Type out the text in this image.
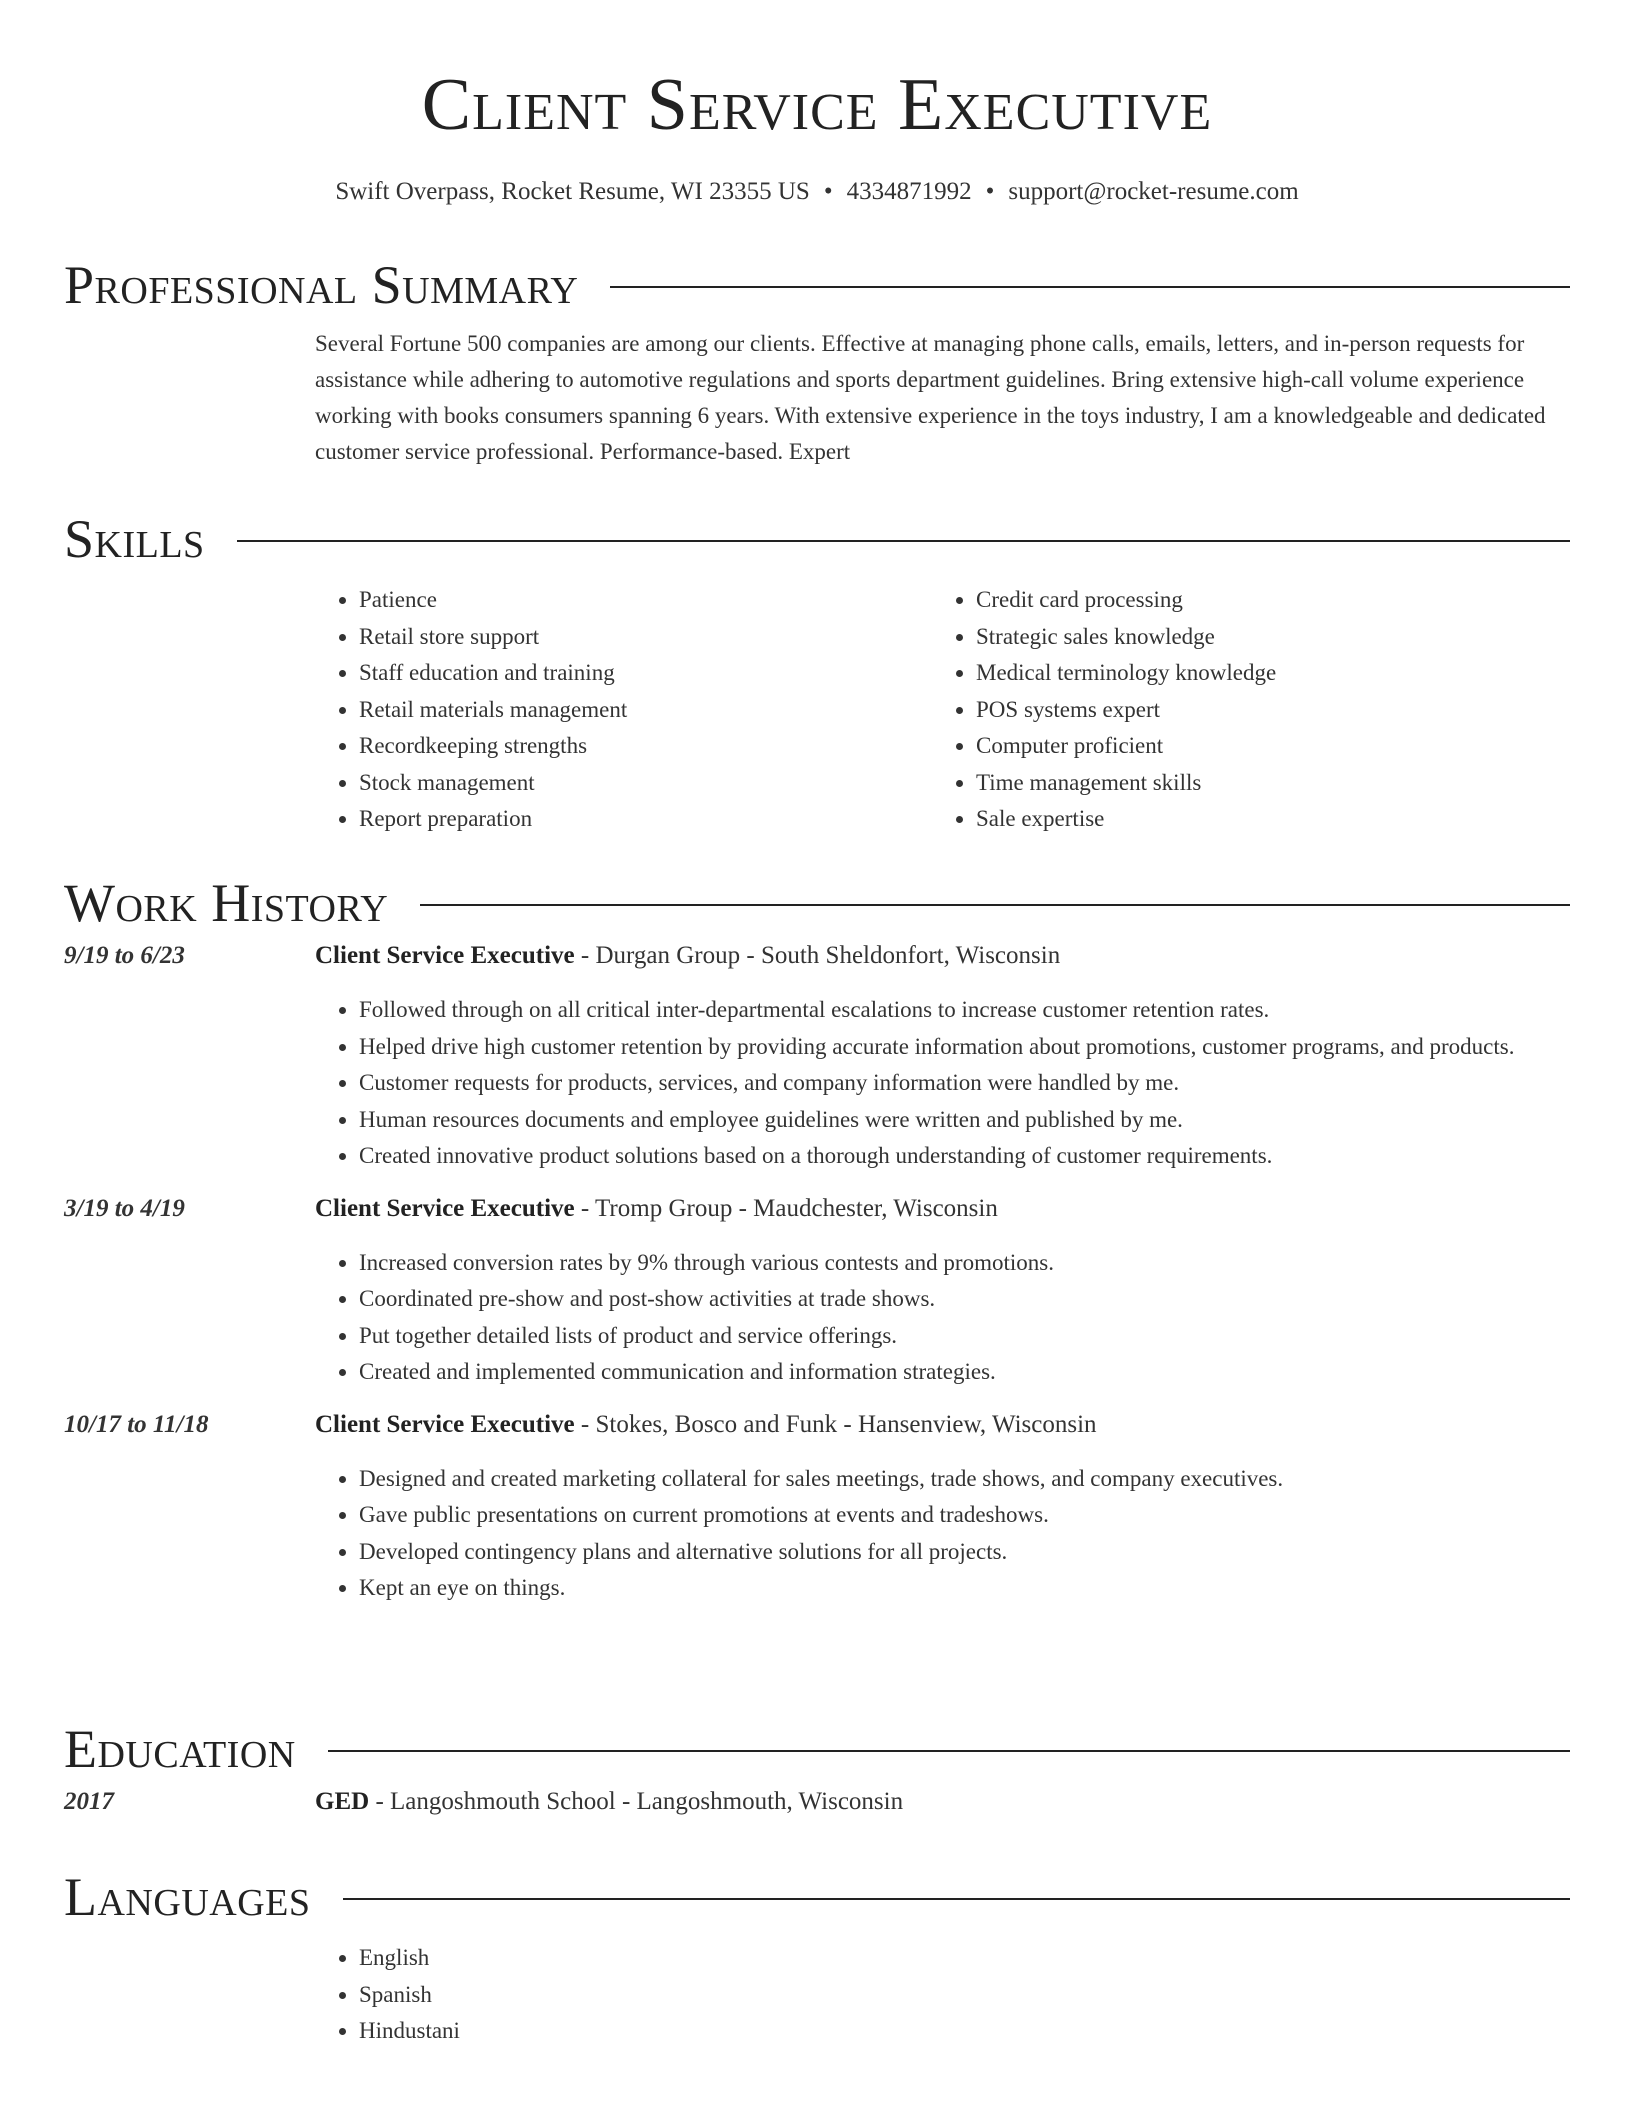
Client Service Executive
Swift Overpass, Rocket Resume, WI 23355 US • 4334871992 • support@rocket-resume.com
Professional Summary

Several Fortune 500 companies are among our clients. Effective at managing phone calls, emails, letters, and in-person requests for assistance while adhering to automotive regulations and sports department guidelines. Bring extensive high-call volume experience working with books consumers spanning 6 years. With extensive experience in the toys industry, I am a knowledgeable and dedicated customer service professional. Performance-based. Expert

Skills
• Patience
• Retail store support
• Staff education and training
• Retail materials management
• Recordkeeping strengths
• Stock management
• Report preparation
• Credit card processing
• Strategic sales knowledge
• Medical terminology knowledge
• POS systems expert
• Computer proficient
• Time management skills
• Sale expertise
Work History
9/19 to 6/23	Client Service Executive - Durgan Group - South Sheldonfort, Wisconsin
• Followed through on all critical inter-departmental escalations to increase customer retention rates.
• Helped drive high customer retention by providing accurate information about promotions, customer programs, and products.
• Customer requests for products, services, and company information were handled by me.
• Human resources documents and employee guidelines were written and published by me.
• Created innovative product solutions based on a thorough understanding of customer requirements.
3/19 to 4/19	Client Service Executive - Tromp Group - Maudchester, Wisconsin
• Increased conversion rates by 9% through various contests and promotions.
• Coordinated pre-show and post-show activities at trade shows.
• Put together detailed lists of product and service offerings.
• Created and implemented communication and information strategies.
10/17 to 11/18	Client Service Executive - Stokes, Bosco and Funk - Hansenview, Wisconsin
• Designed and created marketing collateral for sales meetings, trade shows, and company executives.
• Gave public presentations on current promotions at events and tradeshows.
• Developed contingency plans and alternative solutions for all projects.
• Kept an eye on things.
Education
2017	GED - Langoshmouth School - Langoshmouth, Wisconsin
Languages
• English
• Spanish
• Hindustani
